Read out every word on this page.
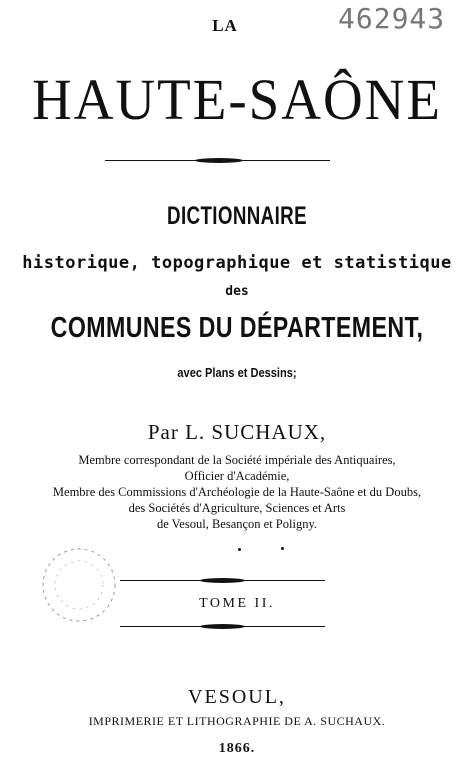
LA	462943
HAUTE-SAÔNE
DICTIONNAIRE
historique, topographique et statistique
des
COMMUNES DU DÉPARTEMENT,
avec Plans et Dessins;
Par L. SUCHAUX,
Membre correspondant de la Société impériale des Antiquaires,
Officier d'Académie,
Membre des Commissions d'Archéologie de la Haute-Saône et du Doubs,
des Sociétés d'Agriculture, Sciences et Arts
de Vesoul, Besançon et Poligny.
TOME II.
VESOUL,
IMPRIMERIE ET LITHOGRAPHIE DE A. SUCHAUX.
1866.
